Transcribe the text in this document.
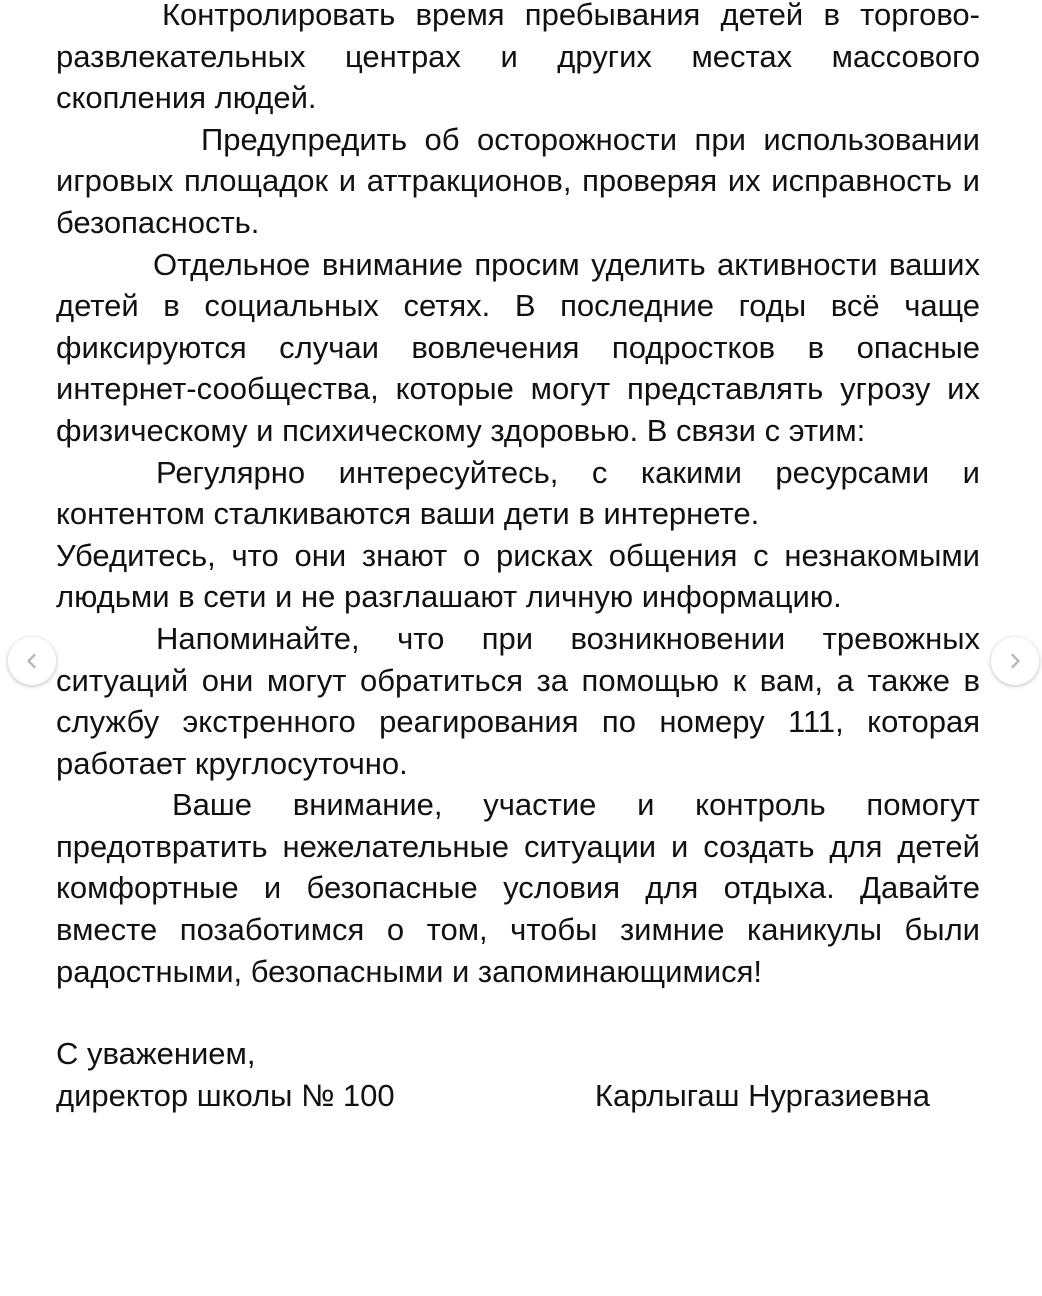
Контролировать время пребывания детей в торгово-развлекательных центрах и других местах массового скопления людей.

Предупредить об осторожности при использовании игровых площадок и аттракционов, проверяя их исправность и безопасность.

Отдельное внимание просим уделить активности ваших детей в социальных сетях. В последние годы всё чаще фиксируются случаи вовлечения подростков в опасные интернет-сообщества, которые могут представлять угрозу их физическому и психическому здоровью. В связи с этим:

Регулярно интересуйтесь, с какими ресурсами и контентом сталкиваются ваши дети в интернете.

Убедитесь, что они знают о рисках общения с незнакомыми людьми в сети и не разглашают личную информацию.

Напоминайте, что при возникновении тревожных ситуаций они могут обратиться за помощью к вам, а также в службу экстренного реагирования по номеру 111, которая работает круглосуточно.

Ваше внимание, участие и контроль помогут предотвратить нежелательные ситуации и создать для детей комфортные и безопасные условия для отдыха. Давайте вместе позаботимся о том, чтобы зимние каникулы были радостными, безопасными и запоминающимися!

С уважением,
директор школы № 100	Карлыгаш Нургазиевна
